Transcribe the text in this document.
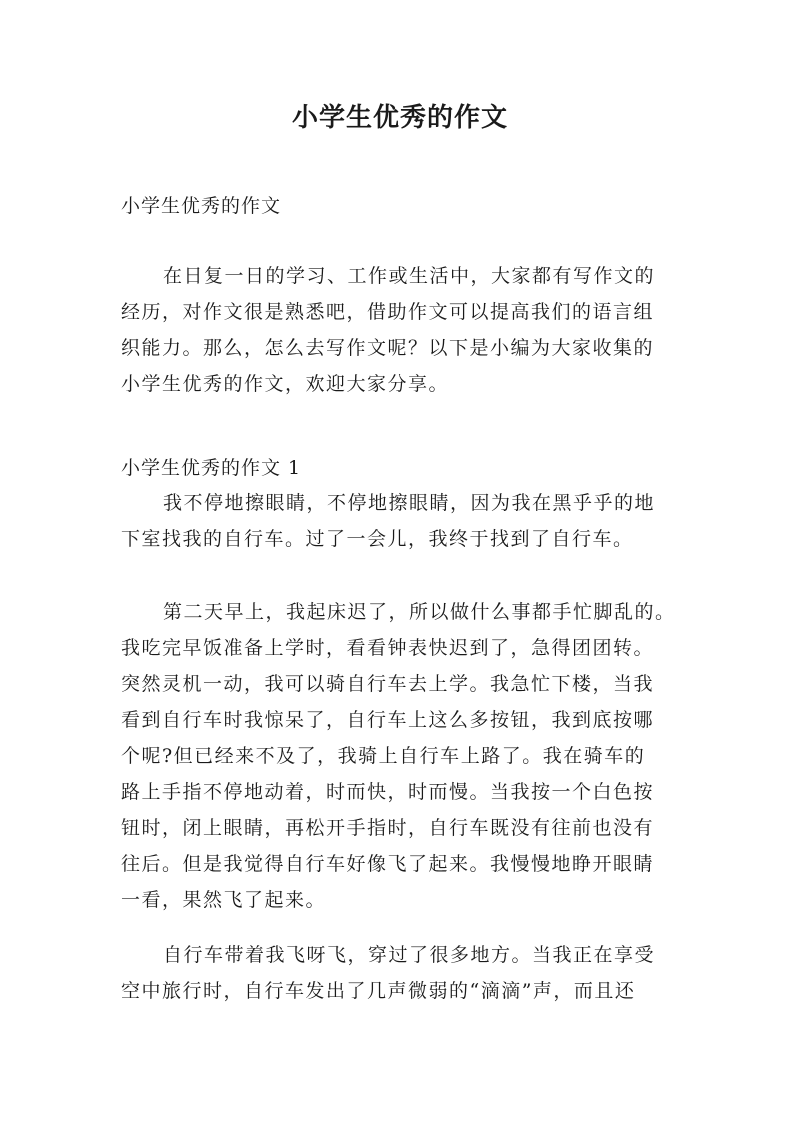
小学生优秀的作文
小学生优秀的作文
在日复一日的学习、工作或生活中，大家都有写作文的
经历，对作文很是熟悉吧，借助作文可以提高我们的语言组
织能力。那么，怎么去写作文呢？以下是小编为大家收集的
小学生优秀的作文，欢迎大家分享。
小学生优秀的作文 1
我不停地擦眼睛，不停地擦眼睛，因为我在黑乎乎的地
下室找我的自行车。过了一会儿，我终于找到了自行车。
第二天早上，我起床迟了，所以做什么事都手忙脚乱的。
我吃完早饭准备上学时，看看钟表快迟到了，急得团团转。
突然灵机一动，我可以骑自行车去上学。我急忙下楼，当我
看到自行车时我惊呆了，自行车上这么多按钮，我到底按哪
个呢?但已经来不及了，我骑上自行车上路了。我在骑车的
路上手指不停地动着，时而快，时而慢。当我按一个白色按
钮时，闭上眼睛，再松开手指时，自行车既没有往前也没有
往后。但是我觉得自行车好像飞了起来。我慢慢地睁开眼睛
一看，果然飞了起来。
自行车带着我飞呀飞，穿过了很多地方。当我正在享受
空中旅行时，自行车发出了几声微弱的“滴滴”声，而且还
